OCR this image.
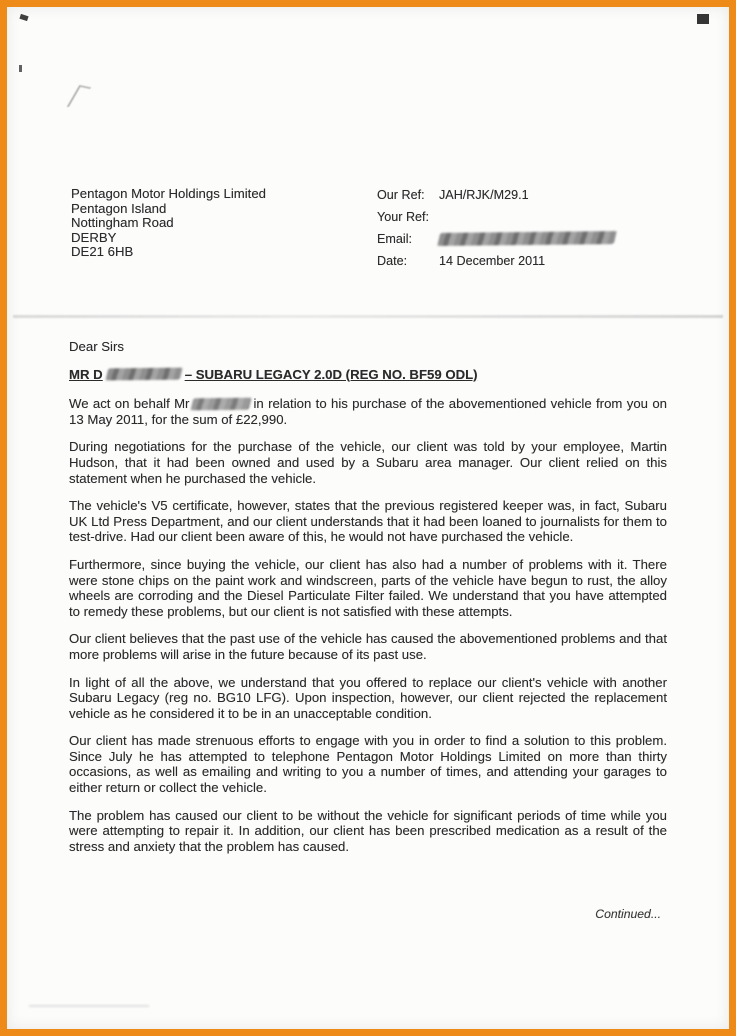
Pentagon Motor Holdings Limited
Pentagon Island
Nottingham Road
DERBY
DE21 6HB
Our Ref:	JAH/RJK/M29.1
Your Ref:
Email:
Date:	14 December 2011

Dear Sirs

MR D	– SUBARU LEGACY 2.0D (REG NO. BF59 ODL)

We act on behalf Mr	in relation to his purchase of the abovementioned vehicle from you on 13 May 2011, for the sum of £22,990.

During negotiations for the purchase of the vehicle, our client was told by your employee, Martin Hudson, that it had been owned and used by a Subaru area manager. Our client relied on this statement when he purchased the vehicle.

The vehicle's V5 certificate, however, states that the previous registered keeper was, in fact, Subaru UK Ltd Press Department, and our client understands that it had been loaned to journalists for them to test-drive. Had our client been aware of this, he would not have purchased the vehicle.

Furthermore, since buying the vehicle, our client has also had a number of problems with it. There were stone chips on the paint work and windscreen, parts of the vehicle have begun to rust, the alloy wheels are corroding and the Diesel Particulate Filter failed. We understand that you have attempted to remedy these problems, but our client is not satisfied with these attempts.

Our client believes that the past use of the vehicle has caused the abovementioned problems and that more problems will arise in the future because of its past use.

In light of all the above, we understand that you offered to replace our client's vehicle with another Subaru Legacy (reg no. BG10 LFG). Upon inspection, however, our client rejected the replacement vehicle as he considered it to be in an unacceptable condition.

Our client has made strenuous efforts to engage with you in order to find a solution to this problem. Since July he has attempted to telephone Pentagon Motor Holdings Limited on more than thirty occasions, as well as emailing and writing to you a number of times, and attending your garages to either return or collect the vehicle.

The problem has caused our client to be without the vehicle for significant periods of time while you were attempting to repair it. In addition, our client has been prescribed medication as a result of the stress and anxiety that the problem has caused.

Continued...
